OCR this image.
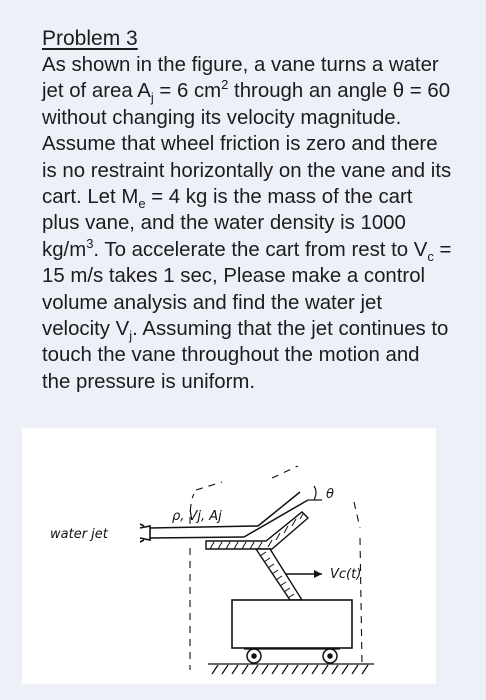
Problem 3
As shown in the figure, a vane turns a water jet of area $A_j = 6$ $cm^2$ through an angle θ = 60 without changing its velocity magnitude. Assume that wheel friction is zero and there is no restraint horizontally on the vane and its cart. Let $M_e = 4$ kg is the mass of the cart plus vane, and the water density is 1000 $kg/m^3$. To accelerate the cart from rest to $V_c = 15$ m/s takes 1 sec, Please make a control volume analysis and find the water jet velocity $V_j$. Assuming that the jet continues to touch the vane throughout the motion and the pressure is uniform.
θ
ρ, Vj, Aj
water jet
Vc(t)
